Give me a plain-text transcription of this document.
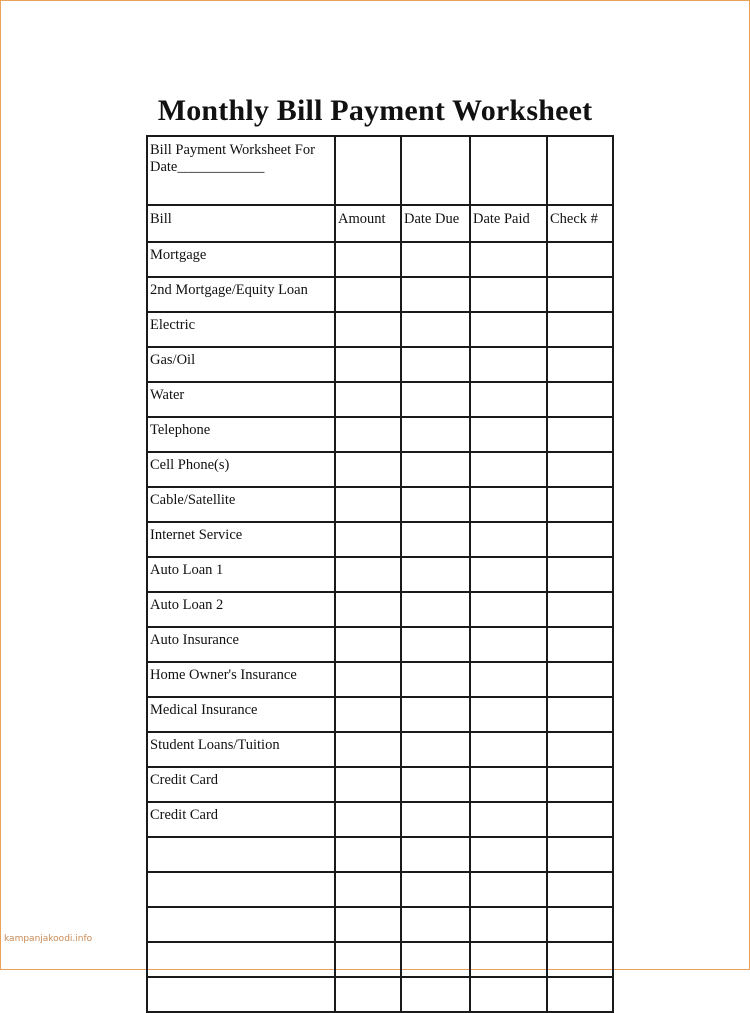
Monthly Bill Payment Worksheet
Bill Payment Worksheet For
Date____________				
Bill	Amount	Date Due	Date Paid	Check #
Mortgage				
2nd Mortgage/Equity Loan				
Electric				
Gas/Oil				
Water				
Telephone				
Cell Phone(s)				
Cable/Satellite				
Internet Service				
Auto Loan 1				
Auto Loan 2				
Auto Insurance				
Home Owner's Insurance				
Medical Insurance				
Student Loans/Tuition				
Credit Card				
Credit Card				

kampanjakoodi.info
